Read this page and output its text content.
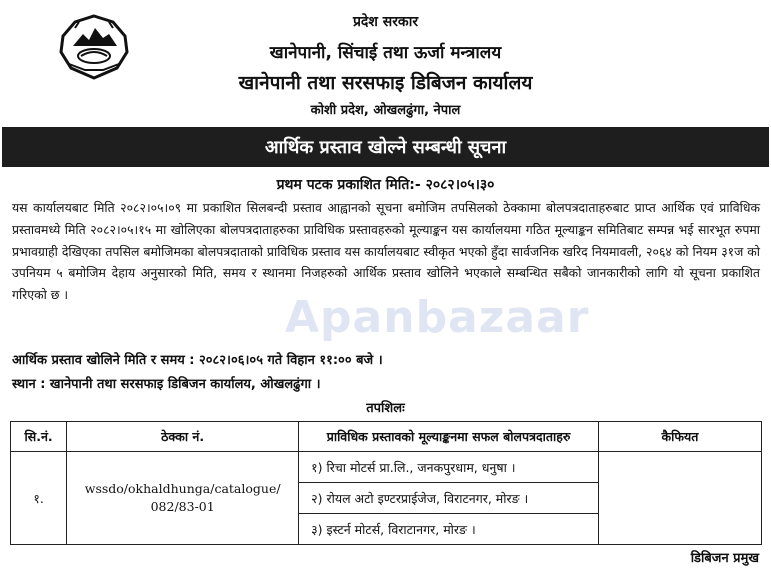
प्रदेश सरकार
खानेपानी, सिंचाई तथा ऊर्जा मन्त्रालय
खानेपानी तथा सरसफाइ डिबिजन कार्यालय
कोशी प्रदेश, ओखलढुंगा, नेपाल
आर्थिक प्रस्ताव खोल्ने सम्बन्धी सूचना
प्रथम पटक प्रकाशित मिति:- २०८२।०५।३०
यस कार्यालयबाट मिति २०८२।०५।०९ मा प्रकाशित सिलबन्दी प्रस्ताव आह्वानको सूचना बमोजिम तपसिलको ठेक्कामा बोलपत्रदाताहरुबाट प्राप्त आर्थिक एवं प्राविधिक प्रस्तावमध्ये मिति २०८२।०५।१५ मा खोलिएका बोलपत्रदाताहरुका प्राविधिक प्रस्तावहरुको मूल्याङ्कन यस कार्यालयमा गठित मूल्याङ्कन समितिबाट सम्पन्न भई सारभूत रुपमा प्रभावग्राही देखिएका तपसिल बमोजिमका बोलपत्रदाताको प्राविधिक प्रस्ताव यस कार्यालयबाट स्वीकृत भएको हुँदा सार्वजनिक खरिद नियमावली, २०६४ को नियम ३१ज को उपनियम ५ बमोजिम देहाय अनुसारको मिति, समय र स्थानमा निजहरुको आर्थिक प्रस्ताव खोलिने भएकाले सम्बन्धित सबैको जानकारीको लागि यो सूचना प्रकाशित गरिएको छ ।	Apanbazaar
आर्थिक प्रस्ताव खोलिने मिति र समय : २०८२।०६।०५ गते विहान ११:०० बजे ।
स्थान : खानेपानी तथा सरसफाइ डिबिजन कार्यालय, ओखलढुंगा ।
तपशिलः
सि.नं.	ठेक्का नं.	प्राविधिक प्रस्तावको मूल्याङ्कनमा सफल बोलपत्रदाताहरु	कैफियत
१.	wssdo/okhaldhunga/catalogue/ 082/83-01	१) रिचा मोटर्स प्रा.लि., जनकपुरधाम, धनुषा ।
२) रोयल अटो इण्टरप्राईजेज, विराटनगर, मोरङ ।
३) इस्टर्न मोटर्स, विराटानगर, मोरङ ।	

डिबिजन प्रमुख
